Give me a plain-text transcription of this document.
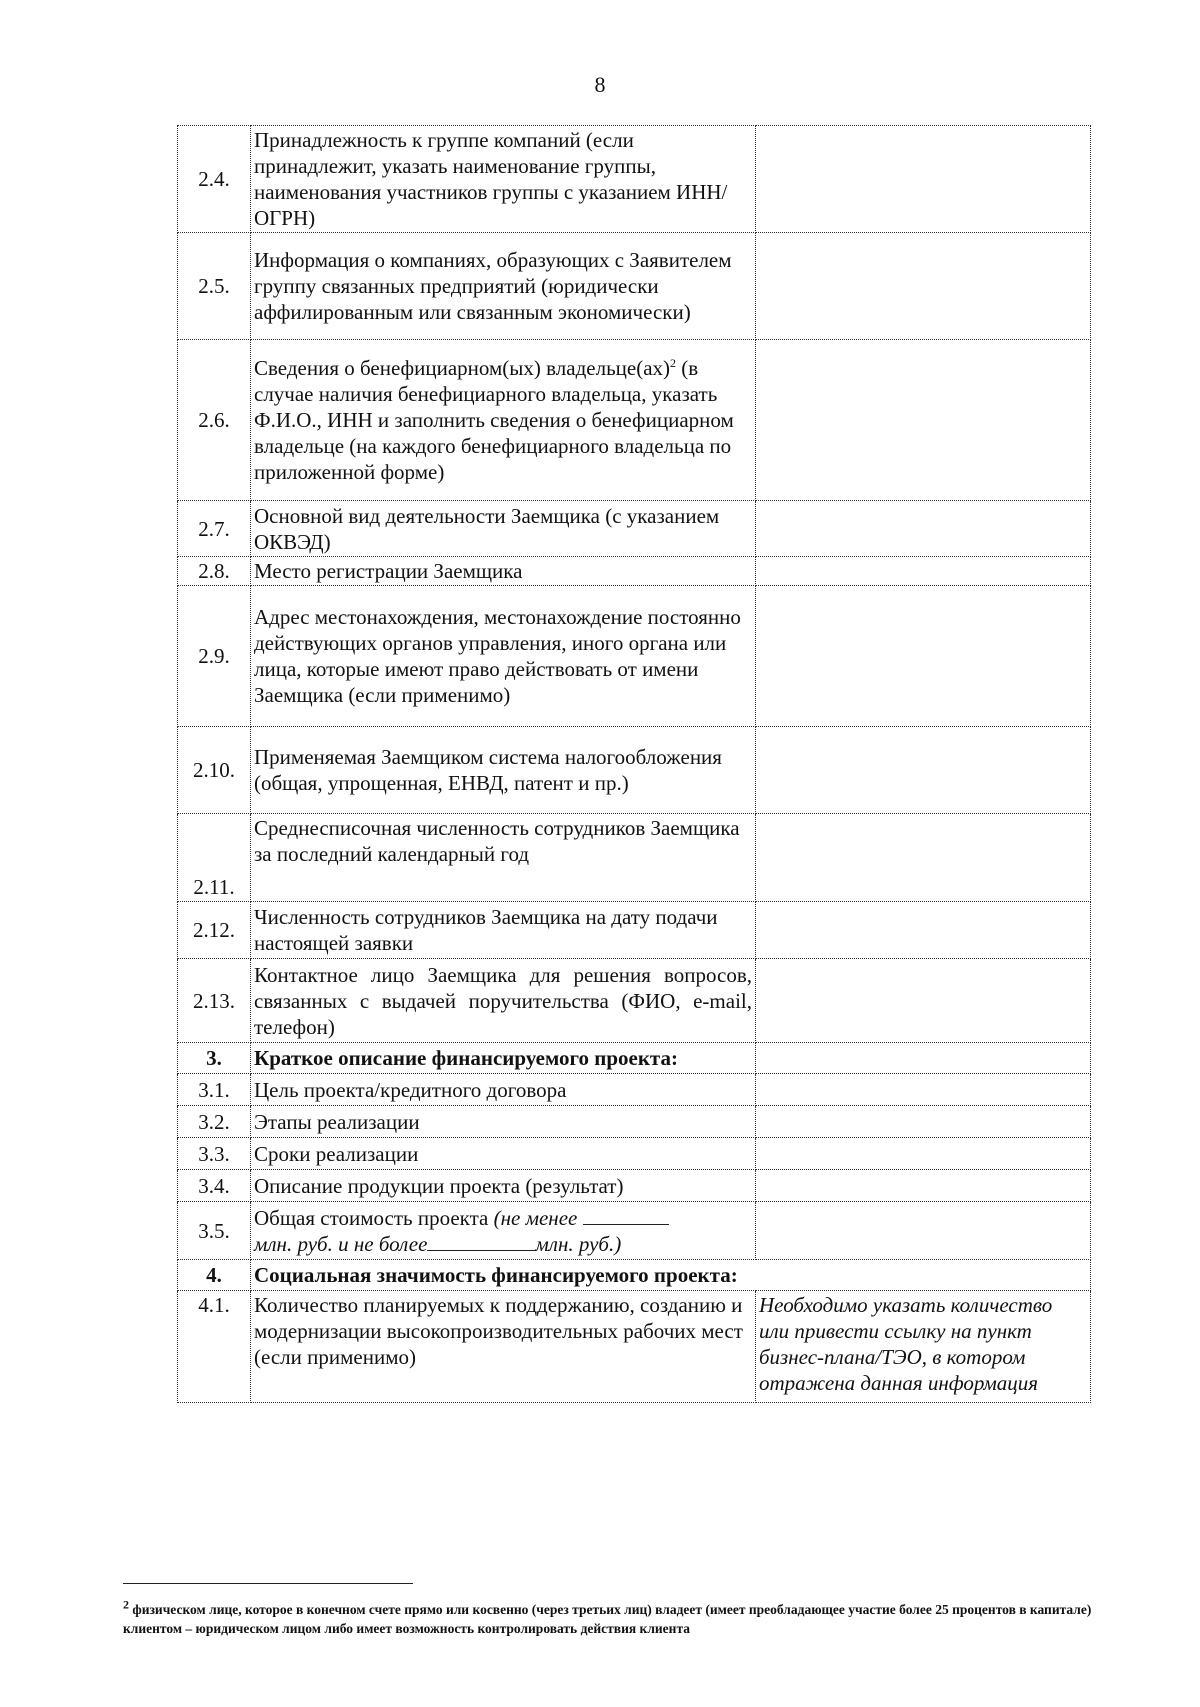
8
2.4.	Принадлежность к группе компаний (если принадлежит, указать наименование группы, наименования участников группы с указанием ИНН/ОГРН)	
2.5.	Информация о компаниях, образующих с Заявителем группу связанных предприятий (юридически аффилированным или связанным экономически)	
2.6.	Сведения о бенефициарном(ых) владельце(ах)$^2$ (в случае наличия бенефициарного владельца, указать Ф.И.О., ИНН и заполнить сведения о бенефициарном владельце (на каждого бенефициарного владельца по приложенной форме)	
2.7.	Основной вид деятельности Заемщика (с указанием ОКВЭД)	
2.8.	Место регистрации Заемщика	
2.9.	Адрес местонахождения, местонахождение постоянно действующих органов управления, иного органа или лица, которые имеют право действовать от имени Заемщика (если применимо)	
2.10.	Применяемая Заемщиком система налогообложения (общая, упрощенная, ЕНВД, патент и пр.)	
2.11.	Среднесписочная численность сотрудников Заемщика за последний календарный год	
2.12.	Численность сотрудников Заемщика на дату подачи настоящей заявки	
2.13.	Контактное лицо Заемщика для решения вопросов, связанных с выдачей поручительства (ФИО, e-mail, телефон)	
3.	Краткое описание финансируемого проекта:	
3.1.	Цель проекта/кредитного договора	
3.2.	Этапы реализации	
3.3.	Сроки реализации	
3.4.	Описание продукции проекта (результат)	
3.5.	Общая стоимость проекта (не менее
млн. руб. и не более млн. руб.)	
4.	Социальная значимость финансируемого проекта:	
4.1.	Количество планируемых к поддержанию, созданию и модернизации высокопроизводительных рабочих мест (если применимо)	Необходимо указать количество или привести ссылку на пункт бизнес-плана/ТЭО, в котором отражена данная информация
$^2$ физическом лице, которое в конечном счете прямо или косвенно (через третьих лиц) владеет (имеет преобладающее участие более 25 процентов в капитале) клиентом – юридическом лицом либо имеет возможность контролировать действия клиента
